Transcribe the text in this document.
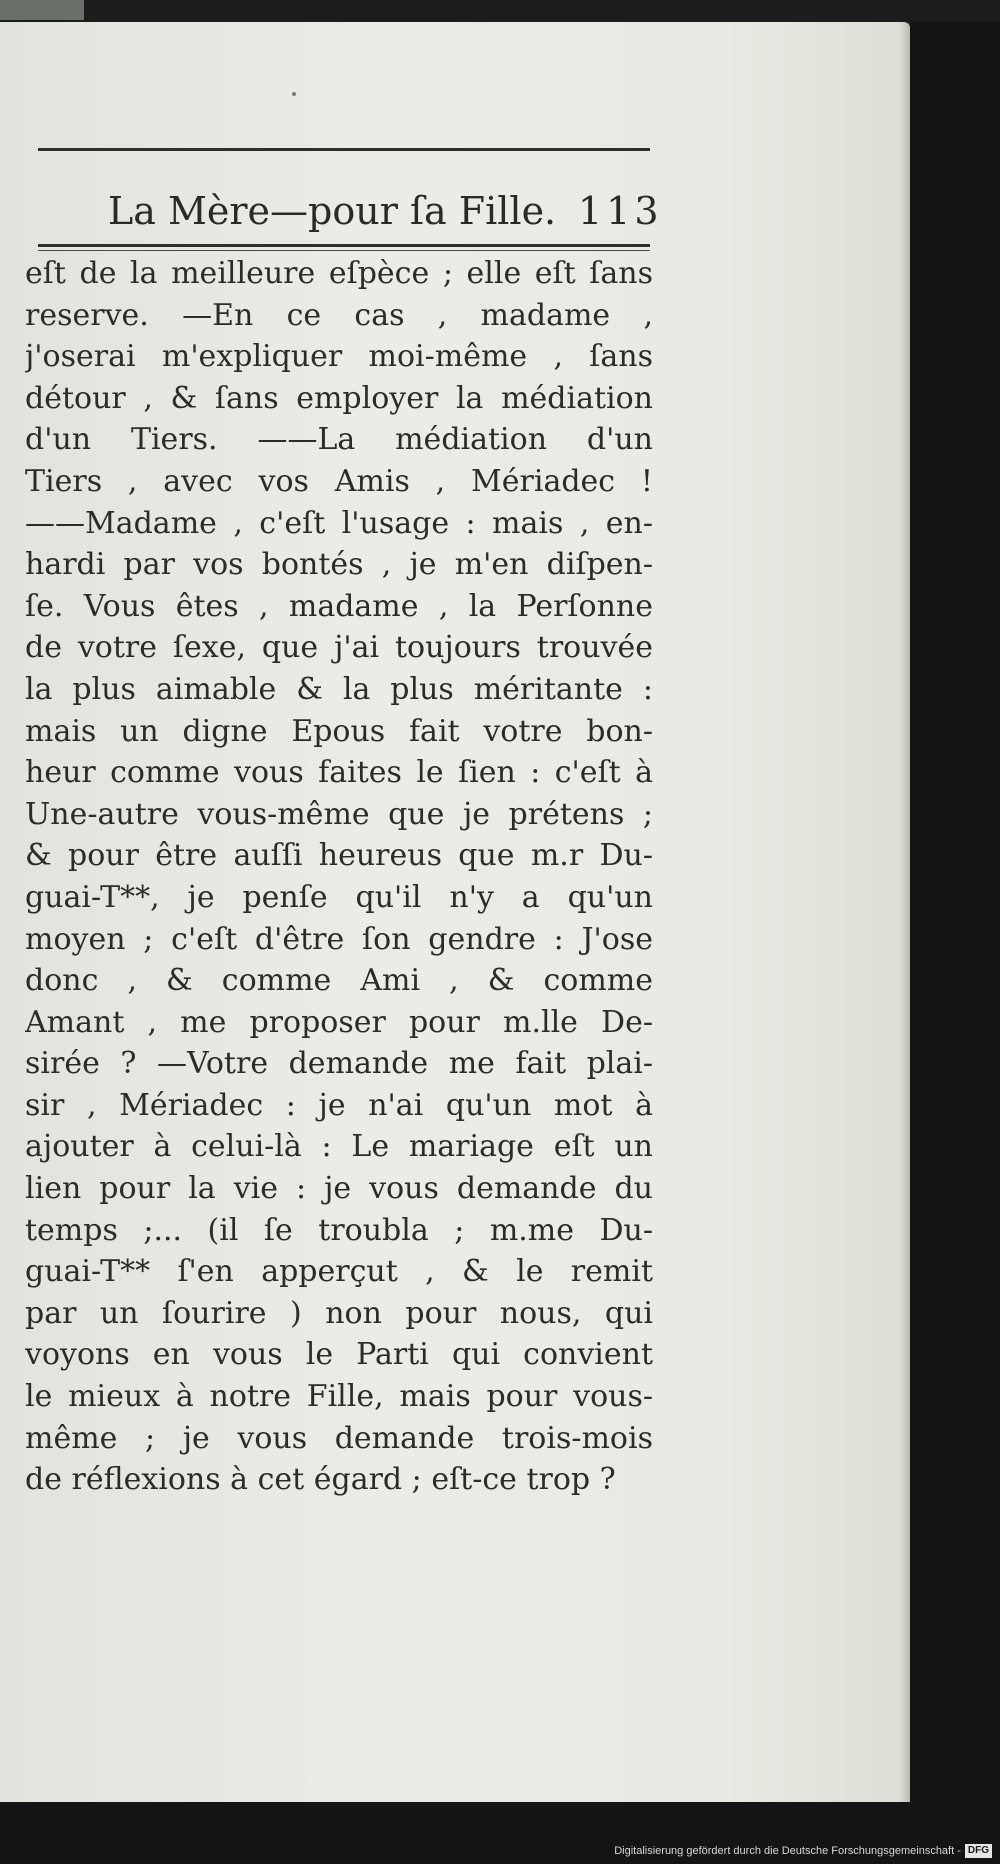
La Mère—pour ſa Fille. 113
eſt de la meilleure eſpèce ; elle eſt ſans
reserve. —En ce cas , madame ,
j'oserai m'expliquer moi-même , ſans
détour , & ſans employer la médiation
d'un Tiers. ——La médiation d'un
Tiers , avec vos Amis , Mériadec !
——Madame , c'eſt l'usage : mais , en-
hardi par vos bontés , je m'en diſpen-
ſe. Vous êtes , madame , la Perſonne
de votre ſexe, que j'ai toujours trouvée
la plus aimable & la plus méritante :
mais un digne Epous fait votre bon-
heur comme vous faites le ſien : c'eſt à
Une-autre vous-même que je prétens ;
& pour être auſſi heureus que m.r Du-
guai-T**, je penſe qu'il n'y a qu'un
moyen ; c'eſt d'être ſon gendre : J'ose
donc , & comme Ami , & comme
Amant , me proposer pour m.lle De-
sirée ? —Votre demande me fait plai-
sir , Mériadec : je n'ai qu'un mot à
ajouter à celui-là : Le mariage eſt un
lien pour la vie : je vous demande du
temps ;... (il ſe troubla ; m.me Du-
guai-T** ſ'en apperçut , & le remit
par un ſourire ) non pour nous, qui
voyons en vous le Parti qui convient
le mieux à notre Fille, mais pour vous-
même ; je vous demande trois-mois
de réflexions à cet égard ; eſt-ce trop ?
Digitalisierung gefördert durch die Deutsche Forschungsgemeinschaft - DFG
